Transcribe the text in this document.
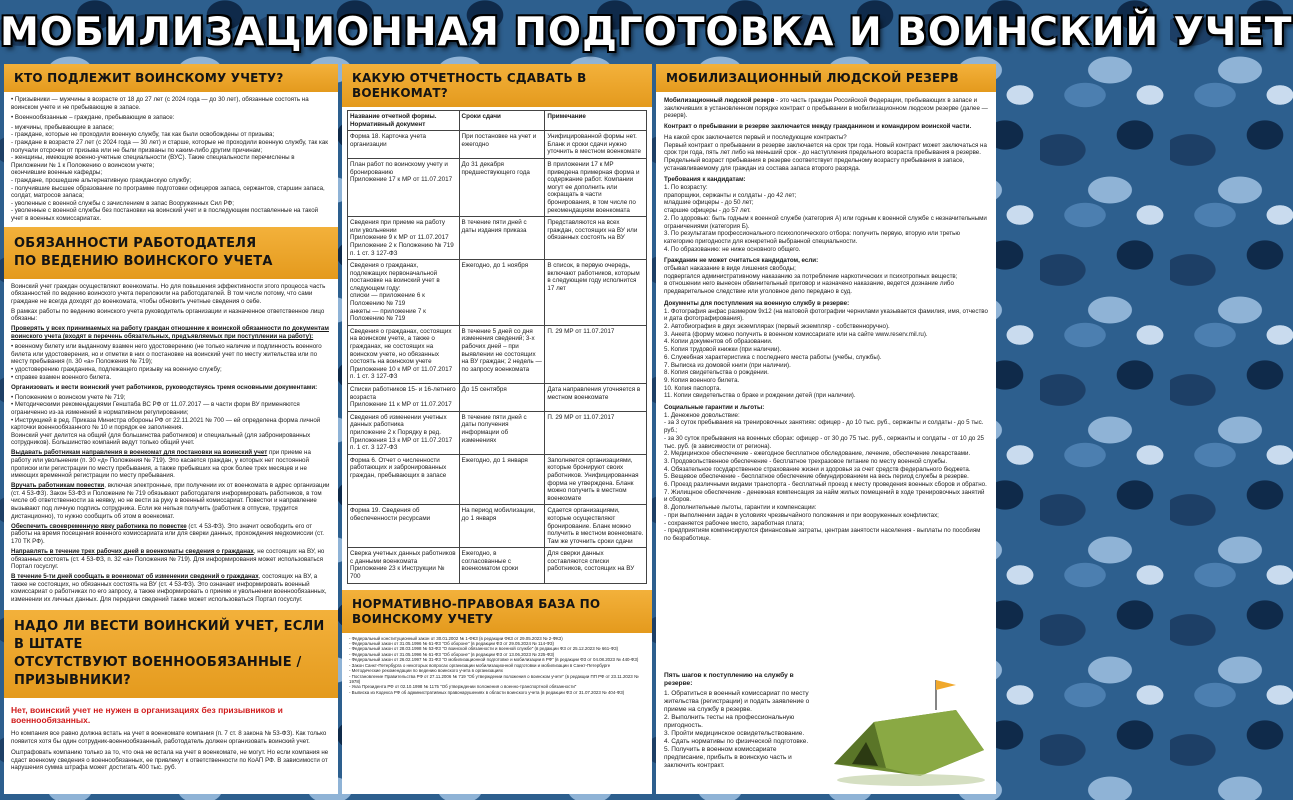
МОБИЛИЗАЦИОННАЯ ПОДГОТОВКА И ВОИНСКИЙ УЧЕТ
КТО ПОДЛЕЖИТ ВОИНСКОМУ УЧЕТУ?

• Призывники — мужчины в возрасте от 18 до 27 лет (с 2024 года — до 30 лет), обязанные состоять на воинском учете и не пребывающие в запасе.

• Военнообязанные – граждане, пребывающие в запасе:

- мужчины, пребывающие в запасе;
- граждане, которые не проходили военную службу, так как были освобождены от призыва;
- граждане в возрасте 27 лет (с 2024 года — 30 лет) и старше, которые не проходили военную службу, так как получали отсрочки от призыва или не были призваны по каким-либо другим причинам;
- женщины, имеющие военно-учетные специальности (ВУС). Такие специальности перечислены в Приложении № 1 к Положению о воинском учете;
окончившие военные кафедры;
- граждане, прошедшие альтернативную гражданскую службу;
- получившие высшее образование по программе подготовки офицеров запаса, сержантов, старшин запаса, солдат, матросов запаса;
- уволенные с военной службы с зачислением в запас Вооруженных Сил РФ;
- уволенные с военной службы без постановки на воинский учет и в последующем поставленные на такой учет в военных комиссариатах.
ОБЯЗАННОСТИ РАБОТОДАТЕЛЯ
ПО ВЕДЕНИЮ ВОИНСКОГО УЧЕТА

Воинский учет граждан осуществляют военкоматы. Но для повышения эффективности этого процесса часть обязанностей по ведению воинского учета переложили на работодателей. В том числе потому, что сами граждане не всегда доходят до военкомата, чтобы обновить учетные сведения о себе.

В рамках работы по ведению воинского учета руководитель организации и назначенное ответственное лицо обязаны:

Проверять у всех принимаемых на работу граждан отношение к воинской обязанности по документам воинского учета (входят в перечень обязательных, предъявляемых при поступлении на работу):

• военному билету или выданному взамен него удостоверению (не только наличие и подлинность военного билета или удостоверения, но и отметки в них о постановке на воинский учет по месту жительства или по месту пребывания (п. 30 «а» Положения № 719);
• удостоверению гражданина, подлежащего призыву на военную службу;

• справке взамен военного билета.

Организовать и вести воинский учет работников, руководствуясь тремя основными документами:

• Положением о воинском учете № 719;
• Методическими рекомендациями Генштаба ВС РФ от 11.07.2017 — в части форм ВУ применяются ограниченно из-за изменений в нормативном регулировании;
• Инструкцией в ред. Приказа Министра обороны РФ от 22.11.2021 № 700 — ей определена форма личной карточки военнообязанного № 10 и порядок ее заполнения.

Воинский учет делится на общий (для большинства работников) и специальный (для забронированных сотрудников). Большинство компаний ведут только общий учет.

Выдавать работникам направления в военкомат для постановки на воинский учет при приеме на работу или увольнении (п. 30 «д» Положения № 719). Это касается граждан, у которых нет постоянной прописки или регистрации по месту пребывания, а также пребывших на срок более трех месяцев и не имеющих временной регистрации по месту пребывания.

Вручать работникам повестки, включая электронные, при получении их от военкомата в адрес организации (ст. 4 53-ФЗ). Закон 53-ФЗ и Положение № 719 обязывают работодателя информировать работников, в том числе об ответственности за неявку, но не вести за руку в военный комиссариат. Повестки и направление вызывают под личную подпись сотрудника. Если же нельзя получить (работник в отпуске, трудится дистанционно), то нужно сообщить об этом в военкомат.

Обеспечить своевременную явку работника по повестке (ст. 4 53-ФЗ). Это значит освободить его от работы на время посещения военного комиссариата или для сверки данных, прохождения медкомиссии (ст. 170 ТК РФ).

Направлять в течение трех рабочих дней в военкоматы сведения о гражданах, не состоящих на ВУ, но обязанных состоять (ст. 4 53-ФЗ, п. 32 «а» Положения № 719). Для информирования может использоваться Портал госуслуг.

В течение 5-ти дней сообщать в военкомат об изменении сведений о гражданах, состоящих на ВУ, а также не состоящих, но обязанных состоять на ВУ (ст. 4 53-ФЗ). Это означает информировать военный комиссариат о работниках по его запросу, а также информировать о приеме и увольнении военнообязанных, изменении их личных данных. Для передачи сведений также может использоваться Портал госуслуг.

НАДО ЛИ ВЕСТИ ВОИНСКИЙ УЧЕТ, ЕСЛИ В ШТАТЕ
ОТСУТСТВУЮТ ВОЕННООБЯЗАННЫЕ / ПРИЗЫВНИКИ?
Нет, воинский учет не нужен в организациях без призывников и военнообязанных.

Но компания все равно должна встать на учет в военкомате компания (п. 7 ст. 8 закона № 53-ФЗ). Как только появится хотя бы один сотрудник-военнообязанный, работодатель должен организовать воинский учет.

Оштрафовать компанию только за то, что она не встала на учет в военкомате, не могут. Но если компания не сдаст военкому сведения о военнообязанных, ее привлекут к ответственности по КоАП РФ. В зависимости от нарушения сумма штрафа может достигать 400 тыс. руб.

КАКУЮ ОТЧЕТНОСТЬ СДАВАТЬ В ВОЕНКОМАТ?
Название отчетной формы. Нормативный документ	Сроки сдачи	Примечание
Форма 18. Карточка учета организации	При постановке на учет и ежегодно	Унифицированной формы нет. Бланк и сроки сдачи нужно уточнить в местном военкомате
План работ по воинскому учету и бронированию
Приложение 17 к МР от 11.07.2017	До 31 декабря предшествующего года	В приложении 17 к МР приведена примерная форма и содержание работ. Компании могут ее дополнить или сокращать в части бронирования, в том числе по рекомендациям военкомата
Сведения при приеме на работу или увольнении
Приложение 9 к МР от 11.07.2017
Приложение 2 к Положению № 719
п. 1 ст. 3 127-ФЗ	В течение пяти дней с даты издания приказа	Представляются на всех граждан, состоящих на ВУ или обязанных состоять на ВУ
Сведения о гражданах, подлежащих первоначальной постановке на воинский учет в следующем году:
списки — приложение 6 к Положению № 719
анкеты — приложение 7 к Положению № 719	Ежегодно, до 1 ноября	В список, в первую очередь, включают работников, которым в следующем году исполнится 17 лет
Сведения о гражданах, состоящих на воинском учете, а также о гражданах, не состоящих на воинском учете, но обязанных состоять на воинском учете
Приложение 10 к МР от 11.07.2017
п. 1 ст. 3 127-ФЗ	В течение 5 дней со дня изменения сведений; 3-х рабочих дней – при выявлении не состоящих на ВУ граждан; 2 недель — по запросу военкомата	П. 29 МР от 11.07.2017
Списки работников 15- и 16-летнего возраста
Приложение 11 к МР от 11.07.2017	До 15 сентября	Дата направления уточняется в местном военкомате
Сведения об изменении учетных данных работника
приложение 2 к Порядку в ред. Приложения 13 к МР от 11.07.2017
п. 1 ст. 3 127-ФЗ	В течение пяти дней с даты получения информации об изменениях	П. 29 МР от 11.07.2017
Форма 6. Отчет о численности работающих и забронированных граждан, пребывающих в запасе	Ежегодно, до 1 января	Заполняется организациями, которые бронируют своих работников. Унифицированная форма не утверждена. Бланк можно получить в местном военкомате
Форма 19. Сведения об обеспеченности ресурсами	На период мобилизации, до 1 января	Сдается организациями, которые осуществляют бронирование. Бланк можно получить в местном военкомате. Там же уточнить сроки сдачи
Сверка учетных данных работников с данными военкомата
Приложение 23 к Инструкции № 700	Ежегодно, в согласованные с военкоматом сроки	Для сверки данных составляются списки работников, состоящих на ВУ
НОРМАТИВНО-ПРАВОВАЯ БАЗА ПО ВОИНСКОМУ УЧЕТУ
- Федеральный конституционный закон от 30.01.2002 № 1-ФКЗ (в редакции ФКЗ от 29.05.2023 № 2-ФКЗ)
- Федеральный закон от 31.05.1996 № 61-ФЗ "Об обороне" (в редакции ФЗ от 29.05.2024 № 114-ФЗ)
- Федеральный закон от 28.03.1998 № 53-ФЗ "О воинской обязанности и военной службе" (в редакции ФЗ от 25.12.2023 № 661-ФЗ)
- Федеральный закон от 31.05.1996 № 61-ФЗ "Об обороне" (в редакции ФЗ от 13.06.2023 № 225-ФЗ)
- Федеральный закон от 26.02.1997 № 31-ФЗ "О мобилизационной подготовке и мобилизации в РФ" (в редакции ФЗ от 04.08.2023 № 440-ФЗ)
- Закон Санкт-Петербурга о некоторых вопросах организации мобилизационной подготовки и мобилизации в Санкт-Петербурге
- Методические рекомендации по ведению воинского учета в организациях
- Постановление Правительства РФ от 27.11.2006 № 719 "Об утверждении положения о воинском учете" (в редакции ПП РФ от 23.11.2023 № 1978)
- Указ Президента РФ от 02.10.1998 № 1175 "Об утверждении положения о военно-транспортной обязанности"
- Выписка из Кодекса РФ об административных правонарушениях в области воинского учета (в редакции ФЗ от 31.07.2023 № 404-ФЗ)
МОБИЛИЗАЦИОННЫЙ ЛЮДСКОЙ РЕЗЕРВ

Мобилизационный людской резерв - это часть граждан Российской Федерации, пребывающих в запасе и заключивших в установленном порядке контракт о пребывании в мобилизационном людском резерве (далее — резерв).

Контракт о пребывании в резерве заключается между гражданином и командиром воинской части.

На какой срок заключается первый и последующие контракты?
Первый контракт о пребывании в резерве заключается на срок три года. Новый контракт может заключаться на срок три года, пять лет либо на меньший срок - до наступления предельного возраста пребывания в резерве.

Предельный возраст пребывания в резерве соответствует предельному возрасту пребывания в запасе, устанавливаемому для граждан из состава запаса второго разряда.

Требования к кандидатам:
1. По возрасту:
прапорщики, сержанты и солдаты - до 42 лет;
младшие офицеры - до 50 лет;
старшие офицеры - до 57 лет.
2. По здоровью: быть годным к военной службе (категория А) или годным к военной службе с незначительными ограничениями (категория Б).
3. По результатам профессионального психологического отбора: получить первую, вторую или третью категорию пригодности для конкретной выбранной специальности.
4. По образованию: не ниже основного общего.
Гражданин не может считаться кандидатом, если:
отбывал наказание в виде лишения свободы;
подвергался административному наказанию за потребление наркотических и психотропных веществ;
в отношении него вынесен обвинительный приговор и назначено наказание, ведется дознание либо предварительное следствие или уголовное дело передано в суд.
Документы для поступления на военную службу в резерве:
1. Фотография анфас размером 9х12 (на матовой фотографии чернилами указывается фамилия, имя, отчество и дата фотографирования).
2. Автобиография в двух экземплярах (первый экземпляр - собственноручно).
3. Анкета (форму можно получить в военном комиссариате или на сайте www.reserv.mil.ru).
4. Копии документов об образовании.
5. Копия трудовой книжки (при наличии).
6. Служебная характеристика с последнего места работы (учебы, службы).
7. Выписка из домовой книги (при наличии).
8. Копия свидетельства о рождении.
9. Копия военного билета.
10. Копия паспорта.
11. Копии свидетельства о браке и рождении детей (при наличии).
Социальные гарантии и льготы:
1. Денежное довольствие:
- за 3 суток пребывания на тренировочных занятиях: офицер - до 10 тыс. руб., сержанты и солдаты - до 5 тыс. руб.;
- за 30 суток пребывания на военных сборах: офицер - от 30 до 75 тыс. руб., сержанты и солдаты - от 10 до 25 тыс. руб. (в зависимости от региона).
2. Медицинское обеспечение - ежегодное бесплатное обследование, лечение, обеспечение лекарствами.
3. Продовольственное обеспечение - бесплатное трехразовое питание по месту военной службы.
4. Обязательное государственное страхование жизни и здоровья за счет средств федерального бюджета.
5. Вещевое обеспечение - бесплатное обеспечение обмундированием на весь период службы в резерве.
6. Проезд различными видами транспорта - бесплатный проезд к месту проведения военных сборов и обратно.
7. Жилищное обеспечение - денежная компенсация за найм жилых помещений в ходе тренировочных занятий и сборов.
8. Дополнительные льготы, гарантии и компенсации:
- при выполнении задач в условиях чрезвычайного положения и при вооруженных конфликтах;
- сохраняется рабочее место, заработная плата;
- предприятиям компенсируются финансовые затраты, центрам занятости населения - выплаты по пособиям по безработице.
Пять шагов к поступлению на службу в резерве:
1. Обратиться в военный комиссариат по месту жительства (регистрации) и подать заявление о приеме на службу в резерве.
2. Выполнить тесты на профессиональную пригодность.
3. Пройти медицинское освидетельствование.
4. Сдать нормативы по физической подготовке.
5. Получить в военном комиссариате предписание, прибыть в воинскую часть и заключить контракт.
